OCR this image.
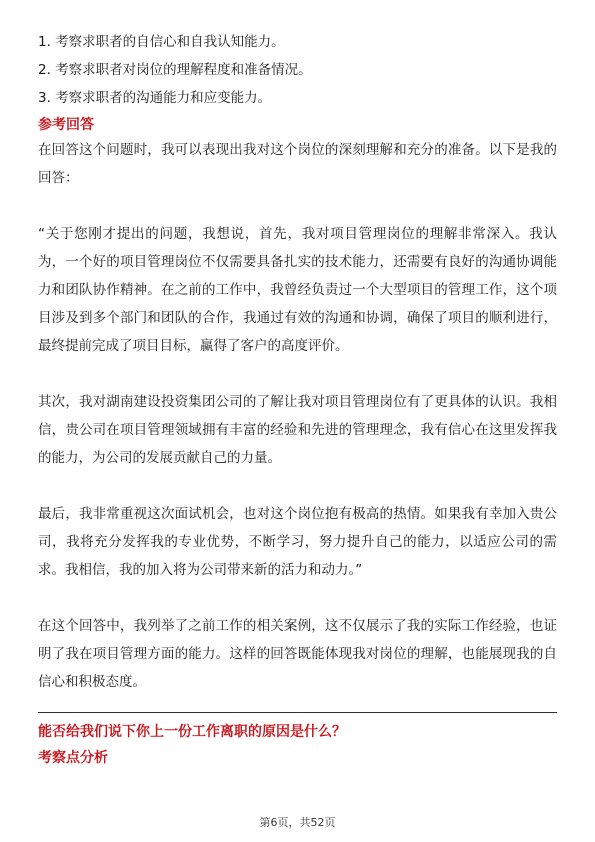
1. 考察求职者的自信心和自我认知能力。

2. 考察求职者对岗位的理解程度和准备情况。

3. 考察求职者的沟通能力和应变能力。

参考回答

在回答这个问题时，我可以表现出我对这个岗位的深刻理解和充分的准备。以下是我的回答：

“关于您刚才提出的问题，我想说，首先，我对项目管理岗位的理解非常深入。我认为，一个好的项目管理岗位不仅需要具备扎实的技术能力，还需要有良好的沟通协调能力和团队协作精神。在之前的工作中，我曾经负责过一个大型项目的管理工作，这个项目涉及到多个部门和团队的合作，我通过有效的沟通和协调，确保了项目的顺利进行，最终提前完成了项目目标，赢得了客户的高度评价。

其次，我对湖南建设投资集团公司的了解让我对项目管理岗位有了更具体的认识。我相信，贵公司在项目管理领域拥有丰富的经验和先进的管理理念，我有信心在这里发挥我的能力，为公司的发展贡献自己的力量。

最后，我非常重视这次面试机会，也对这个岗位抱有极高的热情。如果我有幸加入贵公司，我将充分发挥我的专业优势，不断学习，努力提升自己的能力，以适应公司的需求。我相信，我的加入将为公司带来新的活力和动力。”

在这个回答中，我列举了之前工作的相关案例，这不仅展示了我的实际工作经验，也证明了我在项目管理方面的能力。这样的回答既能体现我对岗位的理解，也能展现我的自信心和积极态度。

能否给我们说下你上一份工作离职的原因是什么？

考察点分析

第6页，共52页
